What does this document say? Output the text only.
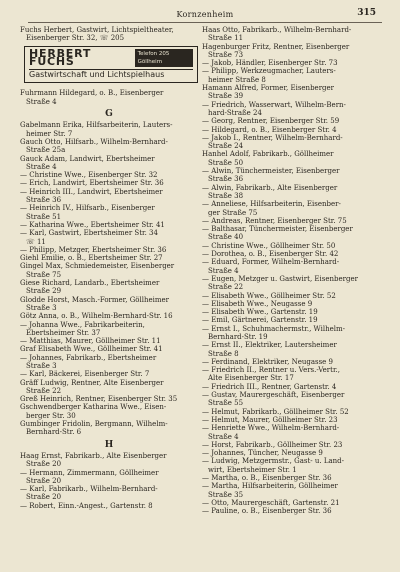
Kornzenheim	315
Fuchs Herbert, Gastwirt, Lichtspieltheater,
Eisenberger Str. 32, ☏ 205
HERBERT FUCHS
Telefon 205 Göllheim
Gastwirtschaft und Lichtspielhaus
Fuhrmann Hildegard, o. B., Eisenberger
Straße 4
G
Gabelmann Erika, Hilfsarbeiterin, Lauters-
heimer Str. 7
Gauch Otto, Hilfsarb., Wilhelm-Bernhard-
Straße 25a
Gauck Adam, Landwirt, Ebertsheimer
Straße 4
— Christine Wwe., Eisenberger Str. 32
— Erich, Landwirt, Ebertsheimer Str. 36
— Heinrich III., Landwirt, Ebertsheimer
Straße 36
— Heinrich IV., Hilfsarb., Eisenberger
Straße 51
— Katharina Wwe., Ebertsheimer Str. 41
— Karl, Gastwirt, Ebertsheimer Str. 34
☏ 11
— Philipp, Metzger, Ebertsheimer Str. 36
Giehl Emilie, o. B., Ebertsheimer Str. 27
Gingel Max, Schmiedemeister, Eisenberger
Straße 75
Giese Richard, Landarb., Ebertsheimer
Straße 29
Glodde Horst, Masch.-Former, Göllheimer
Straße 3
Götz Anna, o. B., Wilhelm-Bernhard-Str. 16
— Johanna Wwe., Fabrikarbeiterin,
Ebertsheimer Str. 37
— Matthias, Maurer, Göllheimer Str. 11
Graf Elisabeth Wwe., Göllheimer Str. 41
— Johannes, Fabrikarb., Ebertsheimer
Straße 3
— Karl, Bäckerei, Eisenberger Str. 7
Gräff Ludwig, Rentner, Alte Eisenberger
Straße 22
Greß Heinrich, Rentner, Eisenberger Str. 35
Gschwendberger Katharina Wwe., Eisen-
berger Str. 30
Gumbinger Fridolin, Bergmann, Wilhelm-
Bernhard-Str. 6
H
Haag Ernst, Fabrikarb., Alte Eisenberger
Straße 20
— Hermann, Zimmermann, Göllheimer
Straße 20
— Karl, Fabrikarb., Wilhelm-Bernhard-
Straße 20
— Robert, Einn.-Angest., Gartenstr. 8
Haas Otto, Fabrikarb., Wilhelm-Bernhard-
Straße 11
Hagenburger Fritz, Rentner, Eisenberger
Straße 73
— Jakob, Händler, Eisenberger Str. 73
— Philipp, Werkzeugmacher, Lauters-
heimer Straße 8
Hamann Alfred, Former, Eisenberger
Straße 39
— Friedrich, Wasserwart, Wilhelm-Bern-
hard-Straße 24
— Georg, Rentner, Eisenberger Str. 59
— Hildegard, o. B., Eisenberger Str. 4
— Jakob I., Rentner, Wilhelm-Bernhard-
Straße 24
Hanhel Adolf, Fabrikarb., Göllheimer
Straße 50
— Alwin, Tünchermeister, Eisenberger
Straße 36
— Alwin, Fabrikarb., Alte Eisenberger
Straße 38
— Anneliese, Hilfsarbeiterin, Eisenber-
ger Straße 75
— Andreas, Rentner, Eisenberger Str. 75
— Balthasar, Tünchermeister, Eisenberger
Straße 40
— Christine Wwe., Göllheimer Str. 50
— Dorothea, o. B., Eisenberger Str. 42
— Eduard, Former, Wilhelm-Bernhard-
Straße 4
— Eugen, Metzger u. Gastwirt, Eisenberger
Straße 22
— Elisabeth Wwe., Göllheimer Str. 52
— Elisabeth Wwe., Neugasse 9
— Elisabeth Wwe., Gartenstr. 19
— Emil, Gärtnerei, Gartenstr. 19
— Ernst I., Schuhmachermstr., Wilhelm-
Bernhard-Str. 19
— Ernst II., Elektriker, Lautersheimer
Straße 8
— Ferdinand, Elektriker, Neugasse 9
— Friedrich II., Rentner u. Vers.-Vertr.,
Alte Eisenberger Str. 17
— Friedrich III., Rentner, Gartenstr. 4
— Gustav, Maurergeschäft, Eisenberger
Straße 55
— Helmut, Fabrikarb., Göllheimer Str. 52
— Helmut, Maurer, Göllheimer Str. 23
— Henriette Wwe., Wilhelm-Bernhard-
Straße 4
— Horst, Fabrikarb., Göllheimer Str. 23
— Johannes, Tüncher, Neugasse 9
— Ludwig, Metzgermstr., Gast- u. Land-
wirt, Ebertsheimer Str. 1
— Martha, o. B., Eisenberger Str. 36
— Martha, Hilfsarbeiterin, Göllheimer
Straße 35
— Otto, Maurergeschäft, Gartenstr. 21
— Pauline, o. B., Eisenberger Str. 36
